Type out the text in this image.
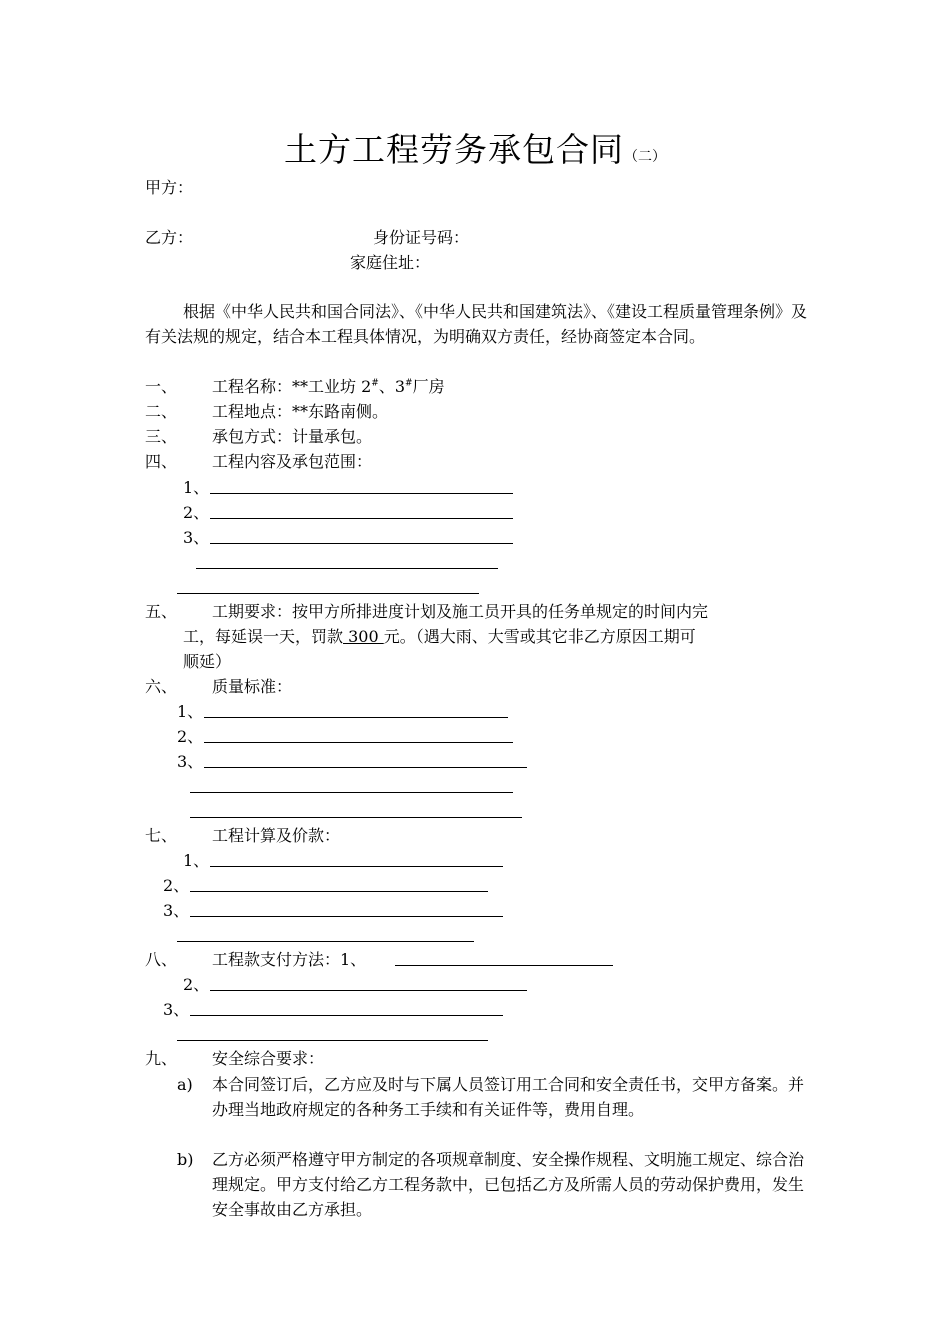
土方工程劳务承包合同（二）
甲方：
乙方：	身份证号码：
家庭住址：
根据《中华人民共和国合同法》、《中华人民共和国建筑法》、《建设工程质量管理条例》及有关法规的规定，结合本工程具体情况，为明确双方责任，经协商签定本合同。
一、 工程名称：**工业坊 2#、3#厂房
二、 工程地点：**东路南侧。
三、 承包方式：计量承包。
四、 工程内容及承包范围：
1、
2、
3、
五、 工期要求：按甲方所排进度计划及施工员开具的任务单规定的时间内完
工，每延误一天，罚款 300 元。（遇大雨、大雪或其它非乙方原因工期可
顺延）
六、 质量标准：
1、
2、
3、
七、 工程计算及价款：
1、
2、
3、
八、 工程款支付方法：1、
2、
3、
九、 安全综合要求：
a) 本合同签订后，乙方应及时与下属人员签订用工合同和安全责任书，交甲方备案。并办理当地政府规定的各种务工手续和有关证件等，费用自理。
b) 乙方必须严格遵守甲方制定的各项规章制度、安全操作规程、文明施工规定、综合治理规定。甲方支付给乙方工程务款中，已包括乙方及所需人员的劳动保护费用，发生安全事故由乙方承担。
